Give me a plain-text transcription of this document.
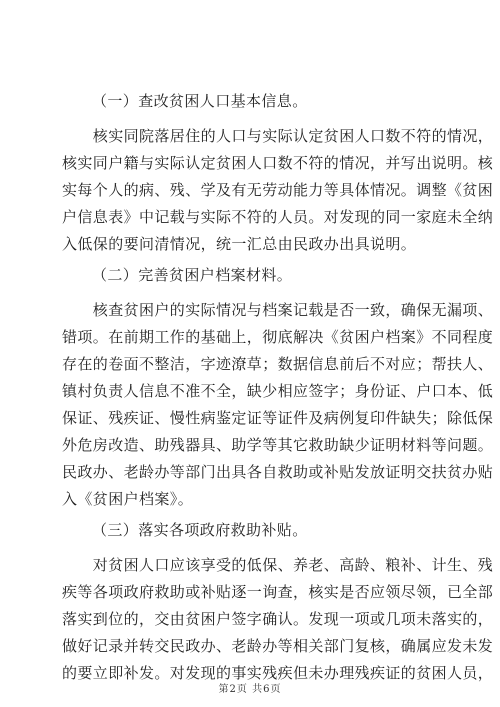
（一）查改贫困人口基本信息。

　　核实同院落居住的人口与实际认定贫困人口数不符的情况，
核实同户籍与实际认定贫困人口数不符的情况，并写出说明。核
实每个人的病、残、学及有无劳动能力等具体情况。调整《贫困
户信息表》中记载与实际不符的人员。对发现的同一家庭未全纳
入低保的要问清情况，统一汇总由民政办出具说明。

（二）完善贫困户档案材料。

　　核查贫困户的实际情况与档案记载是否一致，确保无漏项、
错项。在前期工作的基础上，彻底解决《贫困户档案》不同程度
存在的卷面不整洁，字迹潦草；数据信息前后不对应；帮扶人、
镇村负责人信息不准不全，缺少相应签字；身份证、户口本、低
保证、残疾证、慢性病鉴定证等证件及病例复印件缺失；除低保
外危房改造、助残器具、助学等其它救助缺少证明材料等问题。
民政办、老龄办等部门出具各自救助或补贴发放证明交扶贫办贴
入《贫困户档案》。

（三）落实各项政府救助补贴。

　　对贫困人口应该享受的低保、养老、高龄、粮补、计生、残
疾等各项政府救助或补贴逐一询查，核实是否应领尽领，已全部
落实到位的，交由贫困户签字确认。发现一项或几项未落实的，
做好记录并转交民政办、老龄办等相关部门复核，确属应发未发
的要立即补发。对发现的事实残疾但未办理残疾证的贫困人员，

第2页 共6页
